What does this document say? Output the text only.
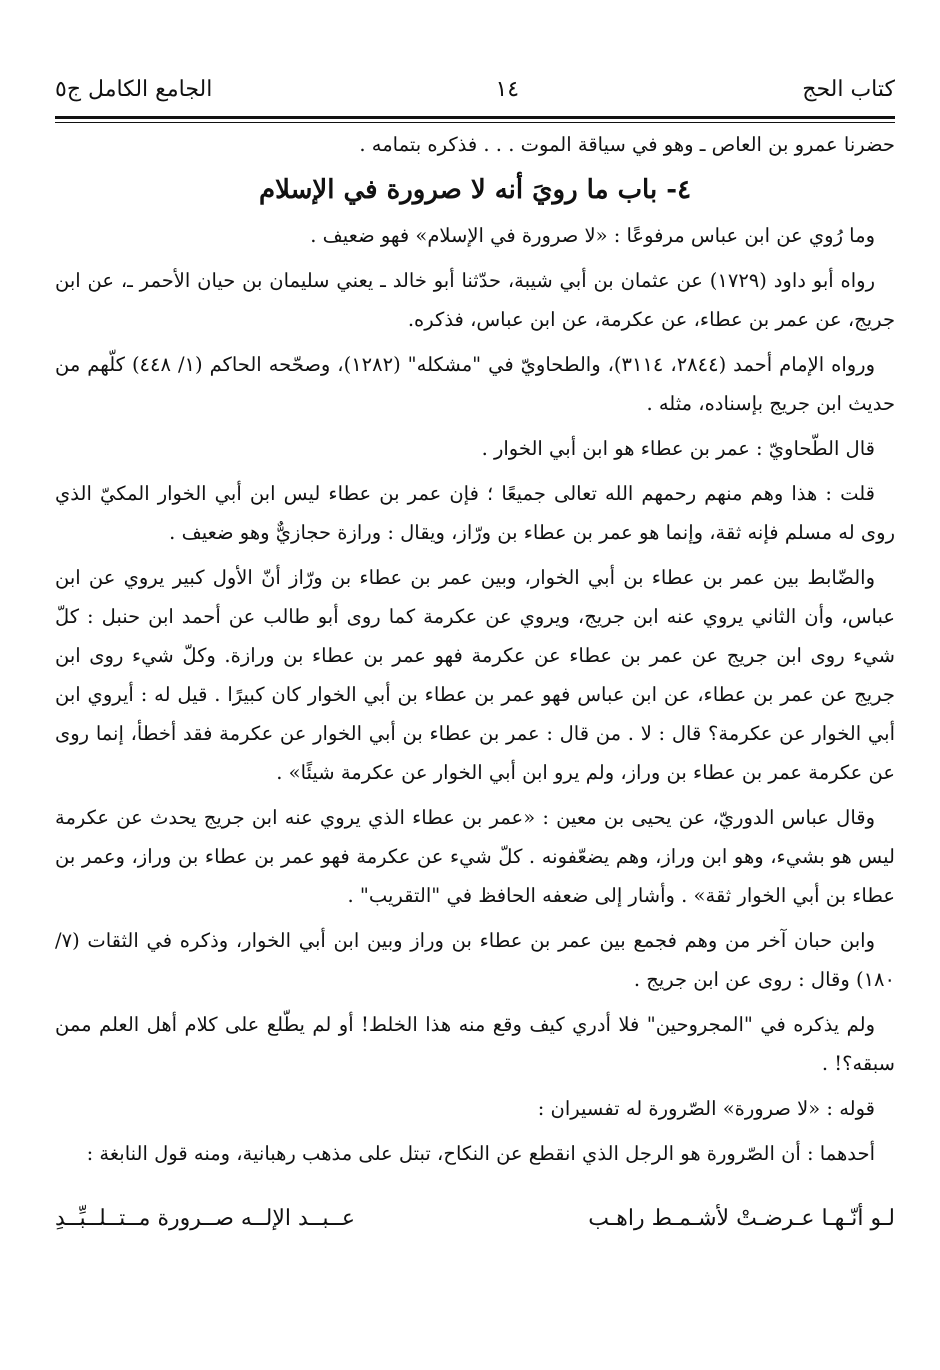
كتاب الحج
١٤
الجامع الكامل ج٥

حضرنا عمرو بن العاص ـ وهو في سياقة الموت . . . فذكره بتمامه .

٤- باب ما رويَ أنه لا صرورة في الإسلام

وما رُوي عن ابن عباس مرفوعًا : «لا صرورة في الإسلام» فهو ضعيف .

رواه أبو داود (١٧٢٩) عن عثمان بن أبي شيبة، حدّثنا أبو خالد ـ يعني سليمان بن حيان الأحمر ـ، عن ابن جريج، عن عمر بن عطاء، عن عكرمة، عن ابن عباس، فذكره.

ورواه الإمام أحمد (٢٨٤٤، ٣١١٤)، والطحاويّ في "مشكله" (١٢٨٢)، وصحّحه الحاكم (١/ ٤٤٨) كلّهم من حديث ابن جريج بإسناده، مثله .

قال الطّحاويّ : عمر بن عطاء هو ابن أبي الخوار .

قلت : هذا وهم منهم رحمهم الله تعالى جميعًا ؛ فإن عمر بن عطاء ليس ابن أبي الخوار المكيّ الذي روى له مسلم فإنه ثقة، وإنما هو عمر بن عطاء بن ورّاز، ويقال : ورازة حجازيٌّ وهو ضعيف .

والضّابط بين عمر بن عطاء بن أبي الخوار، وبين عمر بن عطاء بن ورّاز أنّ الأول كبير يروي عن ابن عباس، وأن الثاني يروي عنه ابن جريج، ويروي عن عكرمة كما روى أبو طالب عن أحمد ابن حنبل : كلّ شيء روى ابن جريج عن عمر بن عطاء عن عكرمة فهو عمر بن عطاء بن ورازة. وكلّ شيء روى ابن جريج عن عمر بن عطاء، عن ابن عباس فهو عمر بن عطاء بن أبي الخوار كان كبيرًا . قيل له : أيروي ابن أبي الخوار عن عكرمة؟ قال : لا . من قال : عمر بن عطاء بن أبي الخوار عن عكرمة فقد أخطأ، إنما روى عن عكرمة عمر بن عطاء بن وراز، ولم يرو ابن أبي الخوار عن عكرمة شيئًا» .

وقال عباس الدوريّ، عن يحيى بن معين : «عمر بن عطاء الذي يروي عنه ابن جريج يحدث عن عكرمة ليس هو بشيء، وهو ابن وراز، وهم يضعّفونه . كلّ شيء عن عكرمة فهو عمر بن عطاء بن وراز، وعمر بن عطاء بن أبي الخوار ثقة» . وأشار إلى ضعفه الحافظ في "التقريب" .

وابن حبان آخر من وهم فجمع بين عمر بن عطاء بن وراز وبين ابن أبي الخوار، وذكره في الثقات (٧/ ١٨٠) وقال : روى عن ابن جريج .

ولم يذكره في "المجروحين" فلا أدري كيف وقع منه هذا الخلط! أو لم يطّلع على كلام أهل العلم ممن سبقه؟! .

قوله : «لا صرورة» الصّرورة له تفسيران :

أحدهما : أن الصّرورة هو الرجل الذي انقطع عن النكاح، تبتل على مذهب رهبانية، ومنه قول النابغة :

لـو أنّـهـا عـرضـتْ لأشـمـط راهـب
عــبــد الإلــه صــرورة مــتــلــبِّــدِ
